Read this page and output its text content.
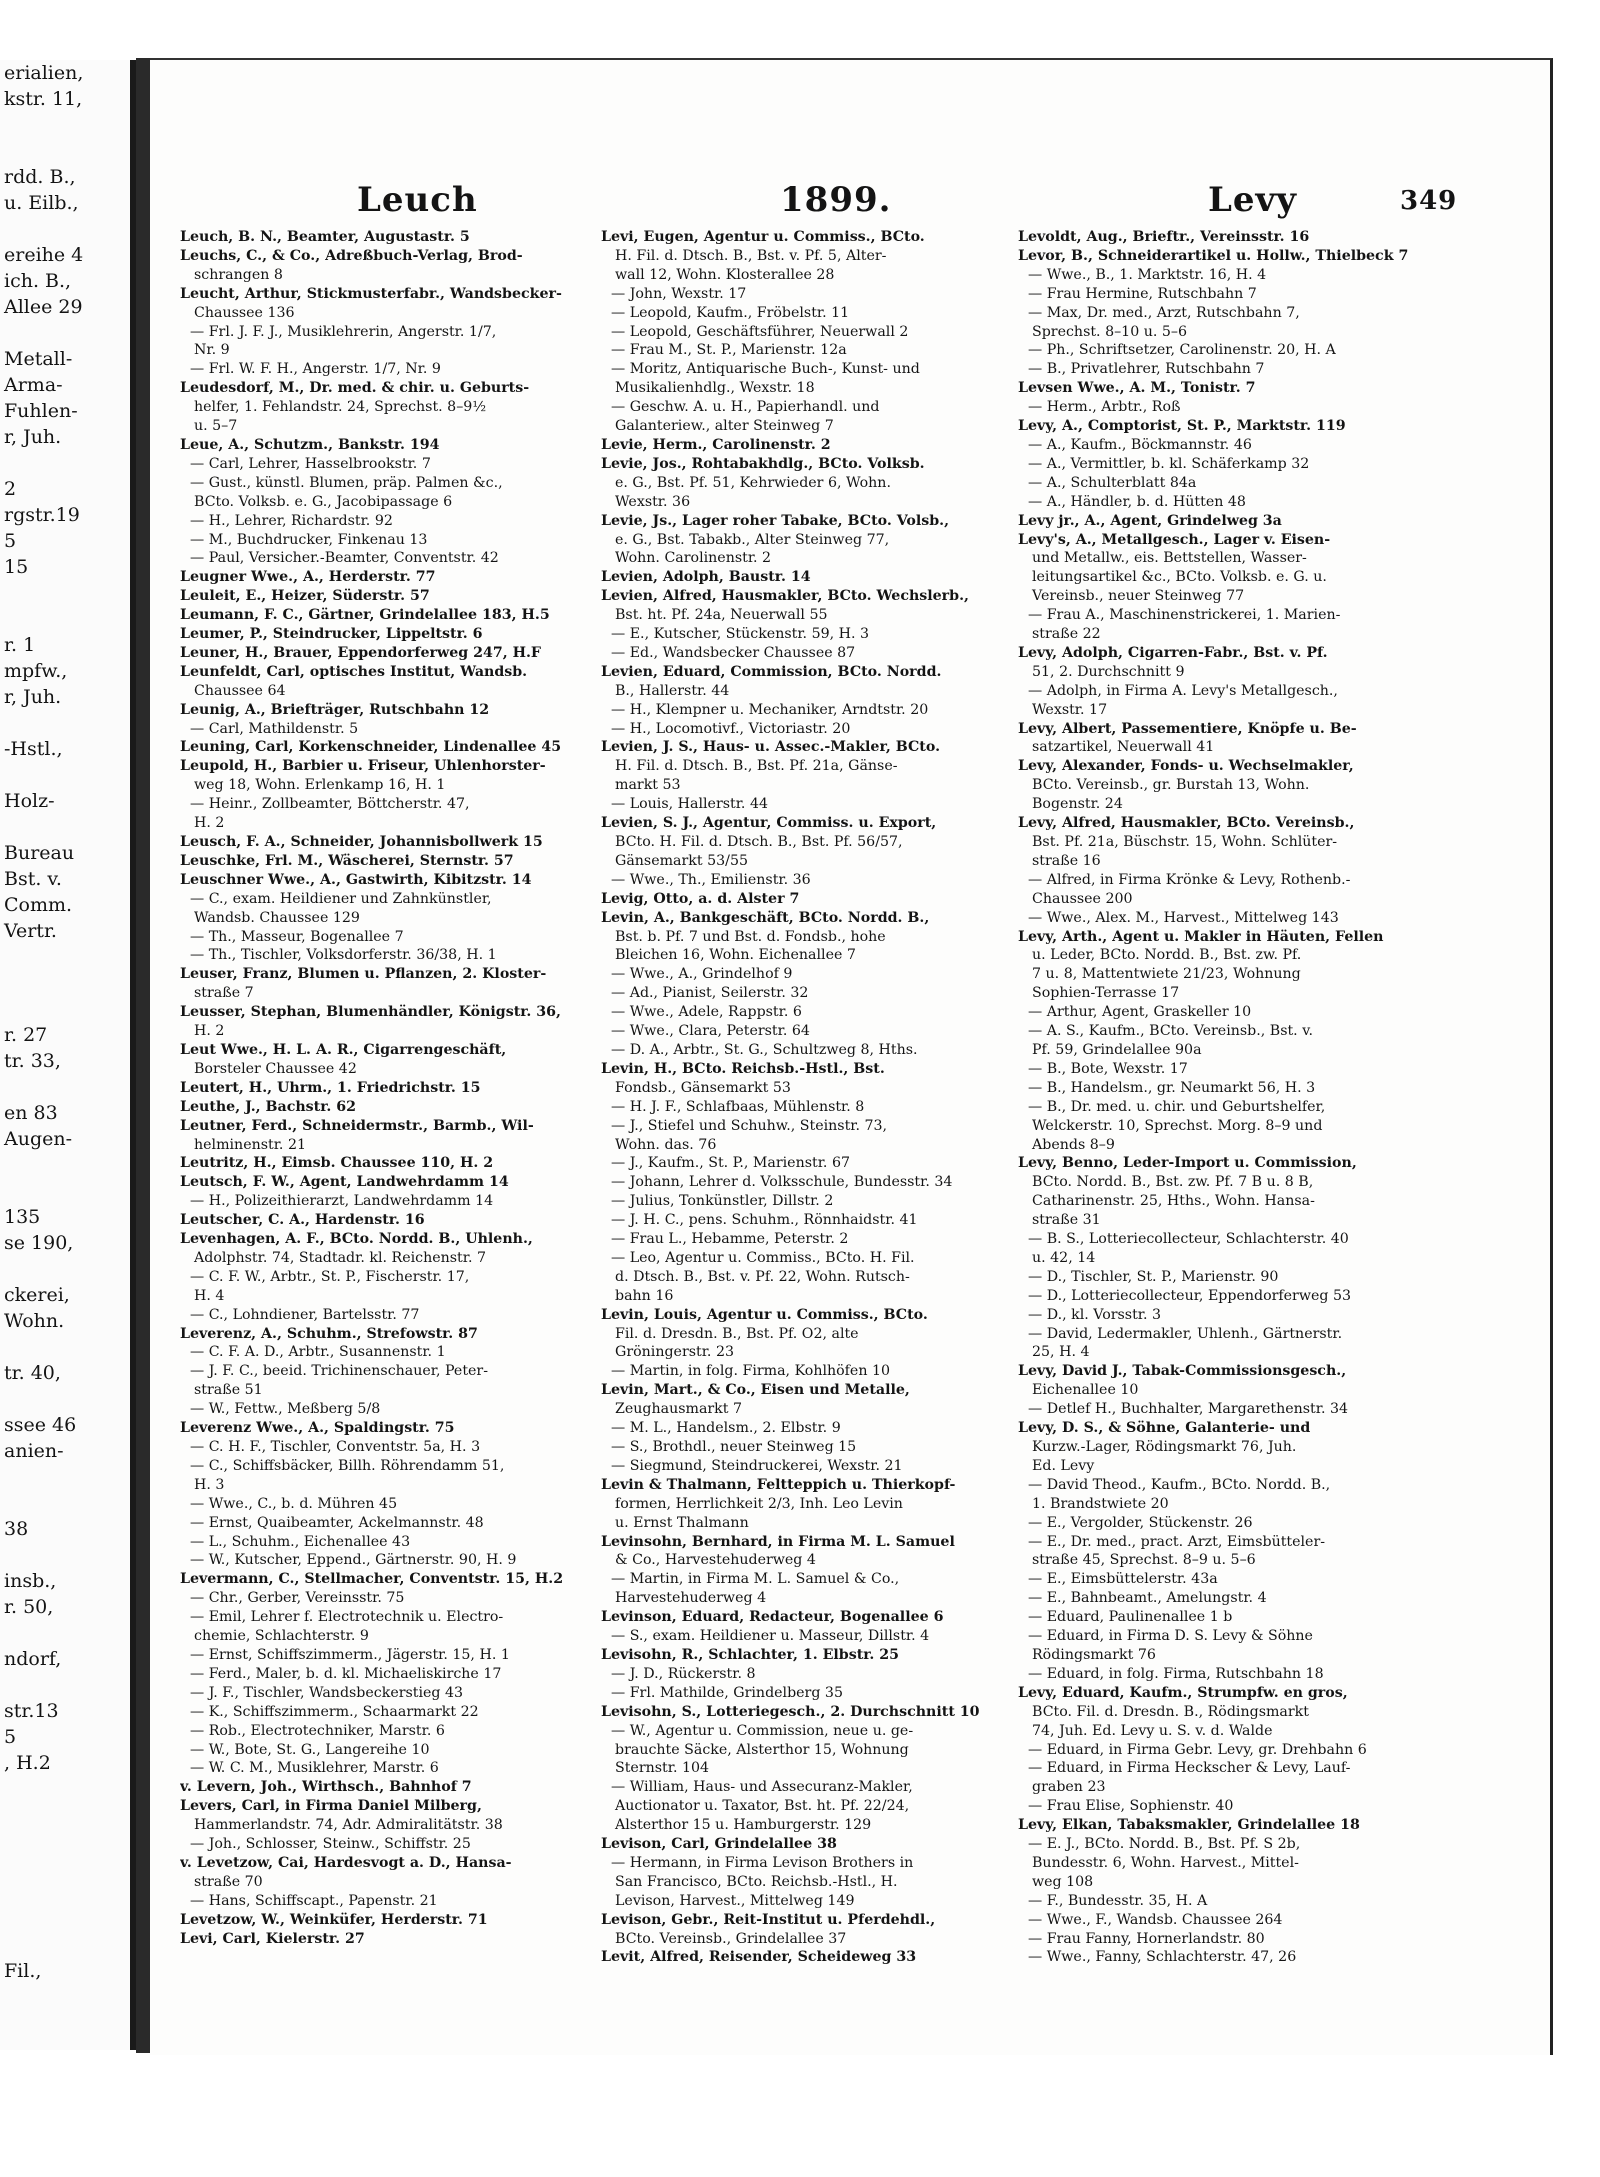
erialien,
kstr. 11,
rdd. B.,
u. Eilb.,
ereihe 4
ich. B.,
Allee 29
Metall-
Arma-
Fuhlen-
r, Juh.
2
rgstr.19
5
15
r. 1
mpfw.,
r, Juh.
-Hstl.,
Holz-
Bureau
Bst. v.
Comm.
Vertr.
r. 27
tr. 33,
en 83
Augen-
135
se 190,
ckerei,
Wohn.
tr. 40,
ssee 46
anien-
38
insb.,
r. 50,
ndorf,
str.13
5
, H.2
Fil.,
Leuch	1899.	Levy	349
Leuch, B. N., Beamter, Augustastr. 5
Leuchs, C., & Co., Adreßbuch-Verlag, Brod-
schrangen 8
Leucht, Arthur, Stickmusterfabr., Wandsbecker-
Chaussee 136
— Frl. J. F. J., Musiklehrerin, Angerstr. 1/7,
Nr. 9
— Frl. W. F. H., Angerstr. 1/7, Nr. 9
Leudesdorf, M., Dr. med. & chir. u. Geburts-
helfer, 1. Fehlandstr. 24, Sprechst. 8–9½
u. 5–7
Leue, A., Schutzm., Bankstr. 194
— Carl, Lehrer, Hasselbrookstr. 7
— Gust., künstl. Blumen, präp. Palmen &c.,
BCto. Volksb. e. G., Jacobipassage 6
— H., Lehrer, Richardstr. 92
— M., Buchdrucker, Finkenau 13
— Paul, Versicher.-Beamter, Conventstr. 42
Leugner Wwe., A., Herderstr. 77
Leuleit, E., Heizer, Süderstr. 57
Leumann, F. C., Gärtner, Grindelallee 183, H.5
Leumer, P., Steindrucker, Lippeltstr. 6
Leuner, H., Brauer, Eppendorferweg 247, H.F
Leunfeldt, Carl, optisches Institut, Wandsb.
Chaussee 64
Leunig, A., Briefträger, Rutschbahn 12
— Carl, Mathildenstr. 5
Leuning, Carl, Korkenschneider, Lindenallee 45
Leupold, H., Barbier u. Friseur, Uhlenhorster-
weg 18, Wohn. Erlenkamp 16, H. 1
— Heinr., Zollbeamter, Böttcherstr. 47,
H. 2
Leusch, F. A., Schneider, Johannisbollwerk 15
Leuschke, Frl. M., Wäscherei, Sternstr. 57
Leuschner Wwe., A., Gastwirth, Kibitzstr. 14
— C., exam. Heildiener und Zahnkünstler,
Wandsb. Chaussee 129
— Th., Masseur, Bogenallee 7
— Th., Tischler, Volksdorferstr. 36/38, H. 1
Leuser, Franz, Blumen u. Pflanzen, 2. Kloster-
straße 7
Leusser, Stephan, Blumenhändler, Königstr. 36,
H. 2
Leut Wwe., H. L. A. R., Cigarrengeschäft,
Borsteler Chaussee 42
Leutert, H., Uhrm., 1. Friedrichstr. 15
Leuthe, J., Bachstr. 62
Leutner, Ferd., Schneidermstr., Barmb., Wil-
helminenstr. 21
Leutritz, H., Eimsb. Chaussee 110, H. 2
Leutsch, F. W., Agent, Landwehrdamm 14
— H., Polizeithierarzt, Landwehrdamm 14
Leutscher, C. A., Hardenstr. 16
Levenhagen, A. F., BCto. Nordd. B., Uhlenh.,
Adolphstr. 74, Stadtadr. kl. Reichenstr. 7
— C. F. W., Arbtr., St. P., Fischerstr. 17,
H. 4
— C., Lohndiener, Bartelsstr. 77
Leverenz, A., Schuhm., Strefowstr. 87
— C. F. A. D., Arbtr., Susannenstr. 1
— J. F. C., beeid. Trichinenschauer, Peter-
straße 51
— W., Fettw., Meßberg 5/8
Leverenz Wwe., A., Spaldingstr. 75
— C. H. F., Tischler, Conventstr. 5a, H. 3
— C., Schiffsbäcker, Billh. Röhrendamm 51,
H. 3
— Wwe., C., b. d. Mühren 45
— Ernst, Quaibeamter, Ackelmannstr. 48
— L., Schuhm., Eichenallee 43
— W., Kutscher, Eppend., Gärtnerstr. 90, H. 9
Levermann, C., Stellmacher, Conventstr. 15, H.2
— Chr., Gerber, Vereinsstr. 75
— Emil, Lehrer f. Electrotechnik u. Electro-
chemie, Schlachterstr. 9
— Ernst, Schiffszimmerm., Jägerstr. 15, H. 1
— Ferd., Maler, b. d. kl. Michaeliskirche 17
— J. F., Tischler, Wandsbeckerstieg 43
— K., Schiffszimmerm., Schaarmarkt 22
— Rob., Electrotechniker, Marstr. 6
— W., Bote, St. G., Langereihe 10
— W. C. M., Musiklehrer, Marstr. 6
v. Levern, Joh., Wirthsch., Bahnhof 7
Levers, Carl, in Firma Daniel Milberg,
Hammerlandstr. 74, Adr. Admiralitätstr. 38
— Joh., Schlosser, Steinw., Schiffstr. 25
v. Levetzow, Cai, Hardesvogt a. D., Hansa-
straße 70
— Hans, Schiffscapt., Papenstr. 21
Levetzow, W., Weinküfer, Herderstr. 71
Levi, Carl, Kielerstr. 27
Levi, Eugen, Agentur u. Commiss., BCto.
H. Fil. d. Dtsch. B., Bst. v. Pf. 5, Alter-
wall 12, Wohn. Klosterallee 28
— John, Wexstr. 17
— Leopold, Kaufm., Fröbelstr. 11
— Leopold, Geschäftsführer, Neuerwall 2
— Frau M., St. P., Marienstr. 12a
— Moritz, Antiquarische Buch-, Kunst- und
Musikalienhdlg., Wexstr. 18
— Geschw. A. u. H., Papierhandl. und
Galanteriew., alter Steinweg 7
Levie, Herm., Carolinenstr. 2
Levie, Jos., Rohtabakhdlg., BCto. Volksb.
e. G., Bst. Pf. 51, Kehrwieder 6, Wohn.
Wexstr. 36
Levie, Js., Lager roher Tabake, BCto. Volsb.,
e. G., Bst. Tabakb., Alter Steinweg 77,
Wohn. Carolinenstr. 2
Levien, Adolph, Baustr. 14
Levien, Alfred, Hausmakler, BCto. Wechslerb.,
Bst. ht. Pf. 24a, Neuerwall 55
— E., Kutscher, Stückenstr. 59, H. 3
— Ed., Wandsbecker Chaussee 87
Levien, Eduard, Commission, BCto. Nordd.
B., Hallerstr. 44
— H., Klempner u. Mechaniker, Arndtstr. 20
— H., Locomotivf., Victoriastr. 20
Levien, J. S., Haus- u. Assec.-Makler, BCto.
H. Fil. d. Dtsch. B., Bst. Pf. 21a, Gänse-
markt 53
— Louis, Hallerstr. 44
Levien, S. J., Agentur, Commiss. u. Export,
BCto. H. Fil. d. Dtsch. B., Bst. Pf. 56/57,
Gänsemarkt 53/55
— Wwe., Th., Emilienstr. 36
Levig, Otto, a. d. Alster 7
Levin, A., Bankgeschäft, BCto. Nordd. B.,
Bst. b. Pf. 7 und Bst. d. Fondsb., hohe
Bleichen 16, Wohn. Eichenallee 7
— Wwe., A., Grindelhof 9
— Ad., Pianist, Seilerstr. 32
— Wwe., Adele, Rappstr. 6
— Wwe., Clara, Peterstr. 64
— D. A., Arbtr., St. G., Schultzweg 8, Hths.
Levin, H., BCto. Reichsb.-Hstl., Bst.
Fondsb., Gänsemarkt 53
— H. J. F., Schlafbaas, Mühlenstr. 8
— J., Stiefel und Schuhw., Steinstr. 73,
Wohn. das. 76
— J., Kaufm., St. P., Marienstr. 67
— Johann, Lehrer d. Volksschule, Bundesstr. 34
— Julius, Tonkünstler, Dillstr. 2
— J. H. C., pens. Schuhm., Rönnhaidstr. 41
— Frau L., Hebamme, Peterstr. 2
— Leo, Agentur u. Commiss., BCto. H. Fil.
d. Dtsch. B., Bst. v. Pf. 22, Wohn. Rutsch-
bahn 16
Levin, Louis, Agentur u. Commiss., BCto.
Fil. d. Dresdn. B., Bst. Pf. O2, alte
Gröningerstr. 23
— Martin, in folg. Firma, Kohlhöfen 10
Levin, Mart., & Co., Eisen und Metalle,
Zeughausmarkt 7
— M. L., Handelsm., 2. Elbstr. 9
— S., Brothdl., neuer Steinweg 15
— Siegmund, Steindruckerei, Wexstr. 21
Levin & Thalmann, Feltteppich u. Thierkopf-
formen, Herrlichkeit 2/3, Inh. Leo Levin
u. Ernst Thalmann
Levinsohn, Bernhard, in Firma M. L. Samuel
& Co., Harvestehuderweg 4
— Martin, in Firma M. L. Samuel & Co.,
Harvestehuderweg 4
Levinson, Eduard, Redacteur, Bogenallee 6
— S., exam. Heildiener u. Masseur, Dillstr. 4
Levisohn, R., Schlachter, 1. Elbstr. 25
— J. D., Rückerstr. 8
— Frl. Mathilde, Grindelberg 35
Levisohn, S., Lotteriegesch., 2. Durchschnitt 10
— W., Agentur u. Commission, neue u. ge-
brauchte Säcke, Alsterthor 15, Wohnung
Sternstr. 104
— William, Haus- und Assecuranz-Makler,
Auctionator u. Taxator, Bst. ht. Pf. 22/24,
Alsterthor 15 u. Hamburgerstr. 129
Levison, Carl, Grindelallee 38
— Hermann, in Firma Levison Brothers in
San Francisco, BCto. Reichsb.-Hstl., H.
Levison, Harvest., Mittelweg 149
Levison, Gebr., Reit-Institut u. Pferdehdl.,
BCto. Vereinsb., Grindelallee 37
Levit, Alfred, Reisender, Scheideweg 33
Levoldt, Aug., Brieftr., Vereinsstr. 16
Levor, B., Schneiderartikel u. Hollw., Thielbeck 7
— Wwe., B., 1. Marktstr. 16, H. 4
— Frau Hermine, Rutschbahn 7
— Max, Dr. med., Arzt, Rutschbahn 7,
Sprechst. 8–10 u. 5–6
— Ph., Schriftsetzer, Carolinenstr. 20, H. A
— B., Privatlehrer, Rutschbahn 7
Levsen Wwe., A. M., Tonistr. 7
— Herm., Arbtr., Roß
Levy, A., Comptorist, St. P., Marktstr. 119
— A., Kaufm., Böckmannstr. 46
— A., Vermittler, b. kl. Schäferkamp 32
— A., Schulterblatt 84a
— A., Händler, b. d. Hütten 48
Levy jr., A., Agent, Grindelweg 3a
Levy's, A., Metallgesch., Lager v. Eisen-
und Metallw., eis. Bettstellen, Wasser-
leitungsartikel &c., BCto. Volksb. e. G. u.
Vereinsb., neuer Steinweg 77
— Frau A., Maschinenstrickerei, 1. Marien-
straße 22
Levy, Adolph, Cigarren-Fabr., Bst. v. Pf.
51, 2. Durchschnitt 9
— Adolph, in Firma A. Levy's Metallgesch.,
Wexstr. 17
Levy, Albert, Passementiere, Knöpfe u. Be-
satzartikel, Neuerwall 41
Levy, Alexander, Fonds- u. Wechselmakler,
BCto. Vereinsb., gr. Burstah 13, Wohn.
Bogenstr. 24
Levy, Alfred, Hausmakler, BCto. Vereinsb.,
Bst. Pf. 21a, Büschstr. 15, Wohn. Schlüter-
straße 16
— Alfred, in Firma Krönke & Levy, Rothenb.-
Chaussee 200
— Wwe., Alex. M., Harvest., Mittelweg 143
Levy, Arth., Agent u. Makler in Häuten, Fellen
u. Leder, BCto. Nordd. B., Bst. zw. Pf.
7 u. 8, Mattentwiete 21/23, Wohnung
Sophien-Terrasse 17
— Arthur, Agent, Graskeller 10
— A. S., Kaufm., BCto. Vereinsb., Bst. v.
Pf. 59, Grindelallee 90a
— B., Bote, Wexstr. 17
— B., Handelsm., gr. Neumarkt 56, H. 3
— B., Dr. med. u. chir. und Geburtshelfer,
Welckerstr. 10, Sprechst. Morg. 8–9 und
Abends 8–9
Levy, Benno, Leder-Import u. Commission,
BCto. Nordd. B., Bst. zw. Pf. 7 B u. 8 B,
Catharinenstr. 25, Hths., Wohn. Hansa-
straße 31
— B. S., Lotteriecollecteur, Schlachterstr. 40
u. 42, 14
— D., Tischler, St. P., Marienstr. 90
— D., Lotteriecollecteur, Eppendorferweg 53
— D., kl. Vorsstr. 3
— David, Ledermakler, Uhlenh., Gärtnerstr.
25, H. 4
Levy, David J., Tabak-Commissionsgesch.,
Eichenallee 10
— Detlef H., Buchhalter, Margarethenstr. 34
Levy, D. S., & Söhne, Galanterie- und
Kurzw.-Lager, Rödingsmarkt 76, Juh.
Ed. Levy
— David Theod., Kaufm., BCto. Nordd. B.,
1. Brandstwiete 20
— E., Vergolder, Stückenstr. 26
— E., Dr. med., pract. Arzt, Eimsbütteler-
straße 45, Sprechst. 8–9 u. 5–6
— E., Eimsbüttelerstr. 43a
— E., Bahnbeamt., Amelungstr. 4
— Eduard, Paulinenallee 1 b
— Eduard, in Firma D. S. Levy & Söhne
Rödingsmarkt 76
— Eduard, in folg. Firma, Rutschbahn 18
Levy, Eduard, Kaufm., Strumpfw. en gros,
BCto. Fil. d. Dresdn. B., Rödingsmarkt
74, Juh. Ed. Levy u. S. v. d. Walde
— Eduard, in Firma Gebr. Levy, gr. Drehbahn 6
— Eduard, in Firma Heckscher & Levy, Lauf-
graben 23
— Frau Elise, Sophienstr. 40
Levy, Elkan, Tabaksmakler, Grindelallee 18
— E. J., BCto. Nordd. B., Bst. Pf. S 2b,
Bundesstr. 6, Wohn. Harvest., Mittel-
weg 108
— F., Bundesstr. 35, H. A
— Wwe., F., Wandsb. Chaussee 264
— Frau Fanny, Hornerlandstr. 80
— Wwe., Fanny, Schlachterstr. 47, 26
